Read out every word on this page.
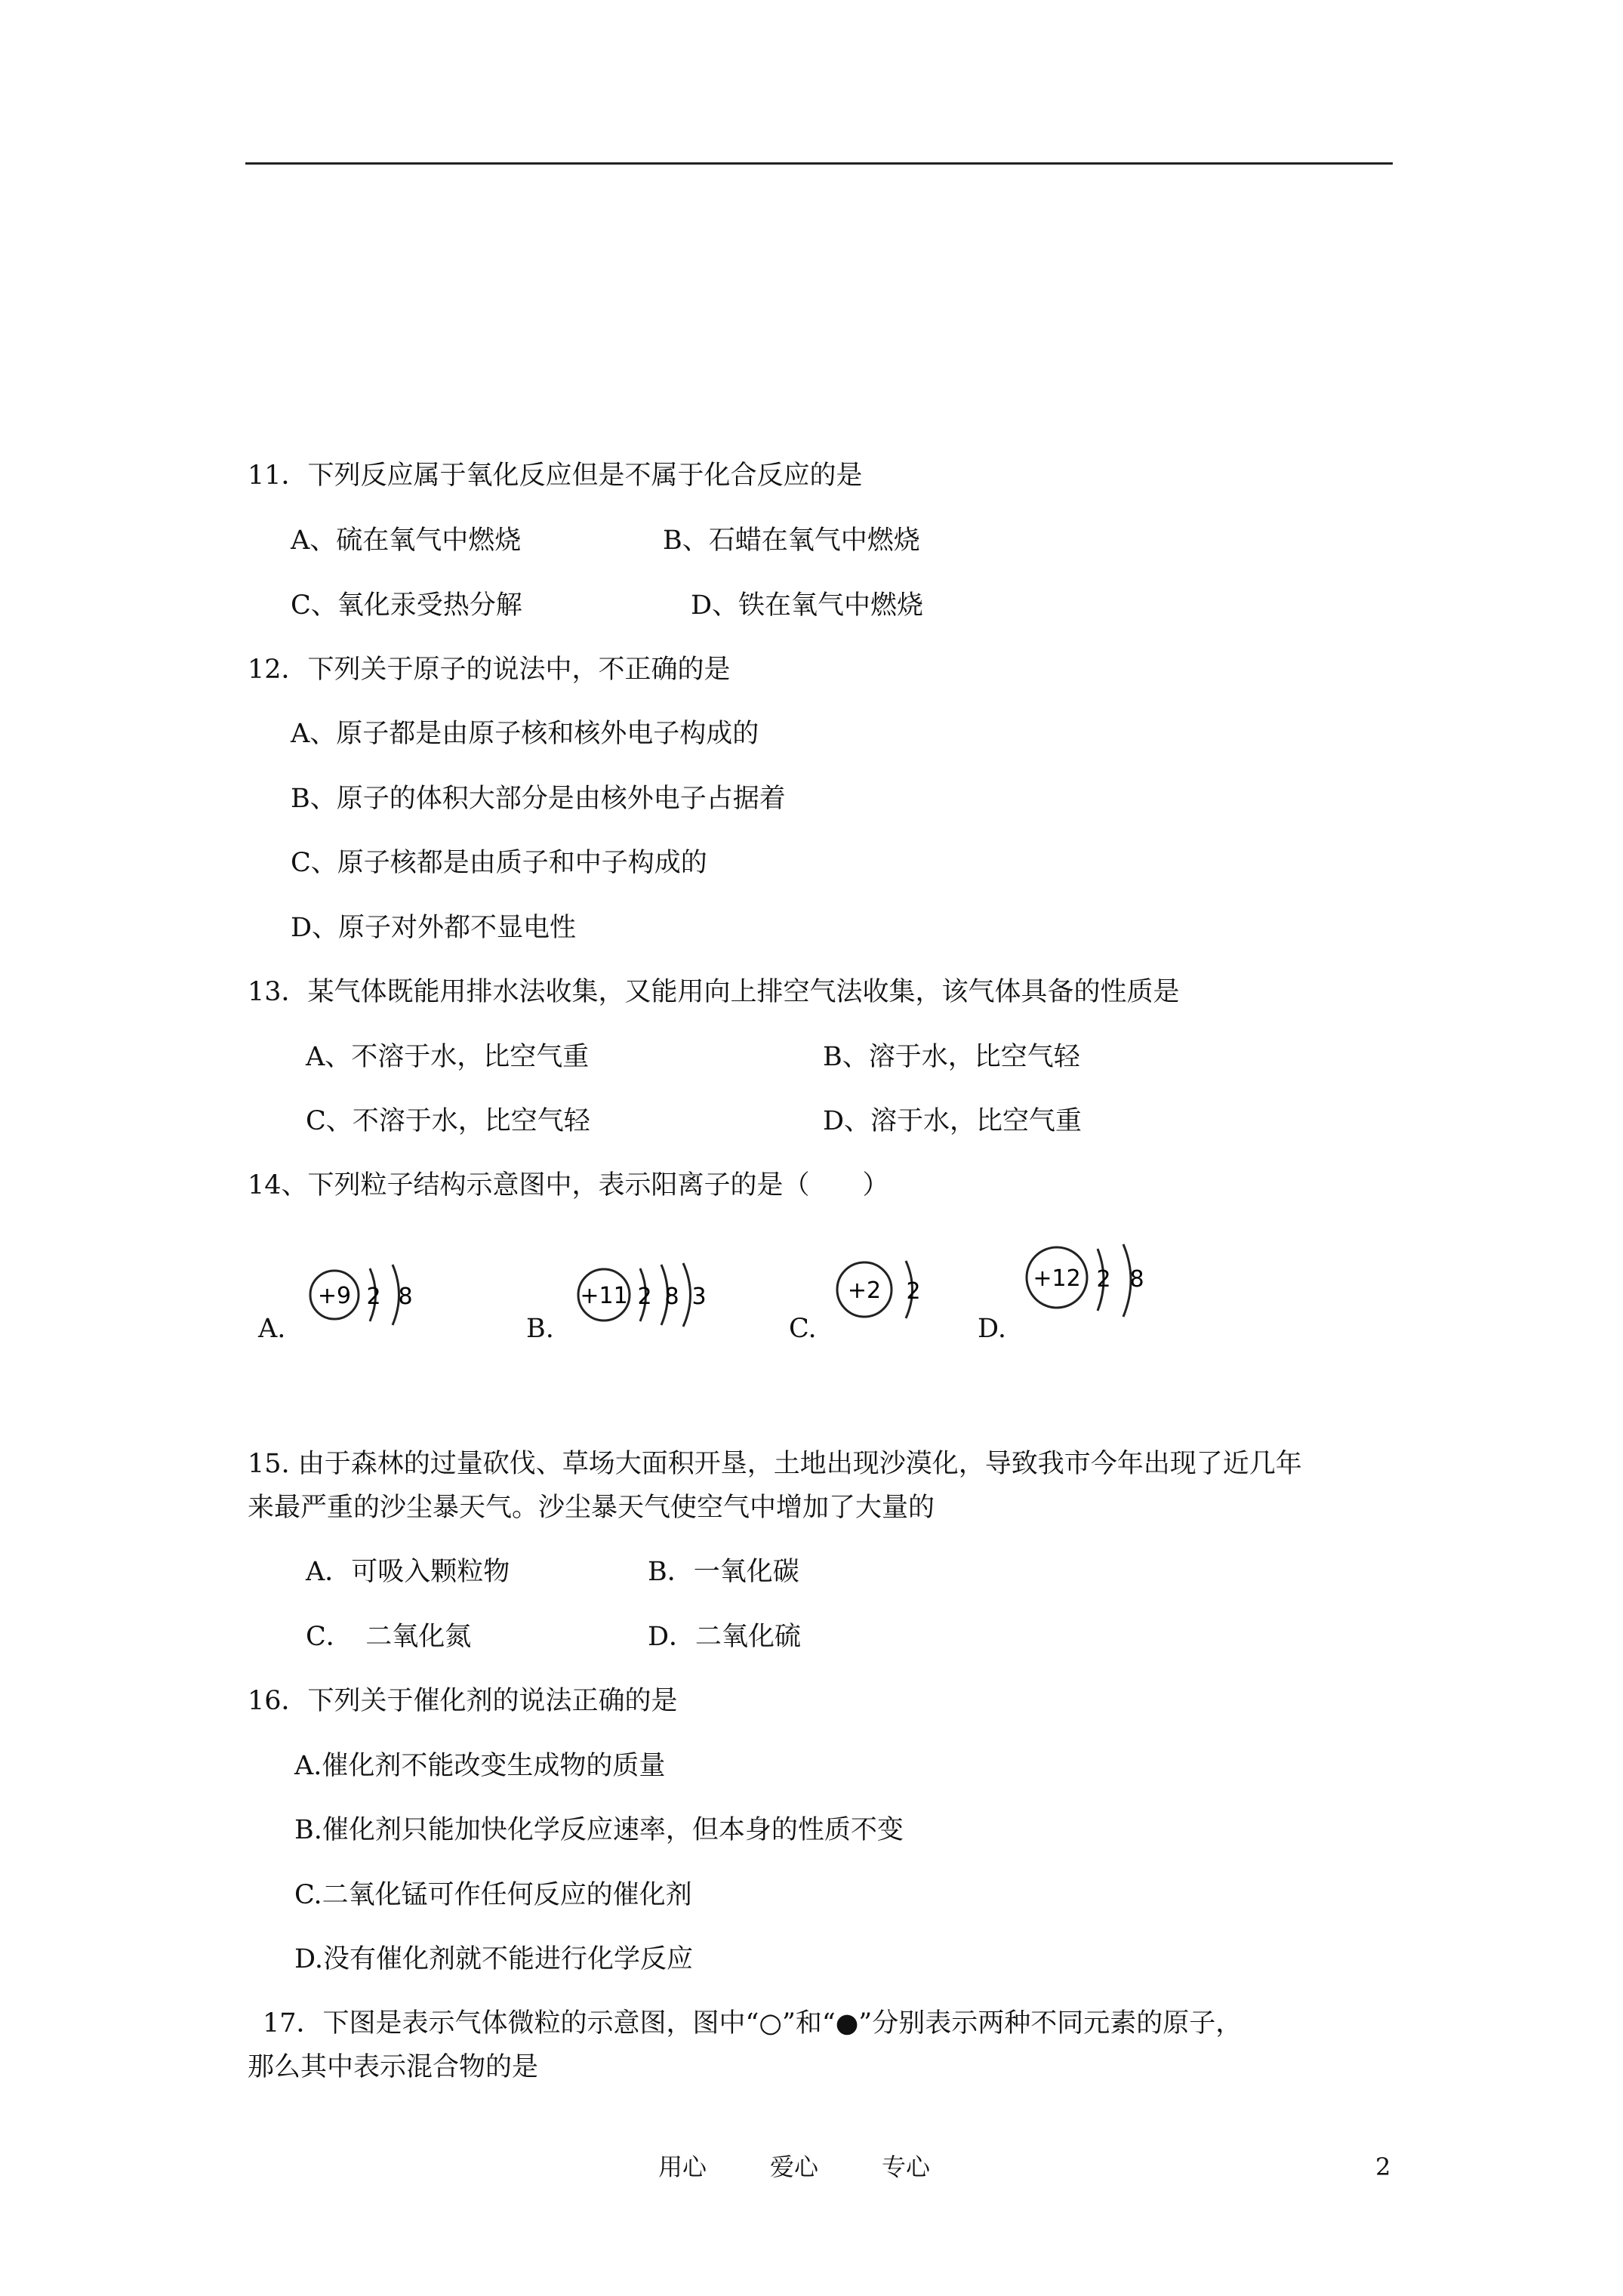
11．下列反应属于氧化反应但是不属于化合反应的是
A、硫在氧气中燃烧	B、石蜡在氧气中燃烧
C、氧化汞受热分解	D、铁在氧气中燃烧
12．下列关于原子的说法中，不正确的是
A、原子都是由原子核和核外电子构成的
B、原子的体积大部分是由核外电子占据着
C、原子核都是由质子和中子构成的
D、原子对外都不显电性
13．某气体既能用排水法收集，又能用向上排空气法收集，该气体具备的性质是
A、不溶于水，比空气重	B、溶于水，比空气轻
C、不溶于水，比空气轻	D、溶于水，比空气重
14、下列粒子结构示意图中，表示阳离子的是（　　）
A.
+9 2 8
B.
+11 2 8 3
C.
+2 2
D.
+12 2 8
15. 由于森林的过量砍伐、草场大面积开垦，土地出现沙漠化，导致我市今年出现了近几年
来最严重的沙尘暴天气。沙尘暴天气使空气中增加了大量的
A．可吸入颗粒物	B．一氧化碳
C．　二氧化氮	D．二氧化硫
16．下列关于催化剂的说法正确的是
A.催化剂不能改变生成物的质量
B.催化剂只能加快化学反应速率，但本身的性质不变
C.二氧化锰可作任何反应的催化剂
D.没有催化剂就不能进行化学反应
17．下图是表示气体微粒的示意图，图中“○”和“●”分别表示两种不同元素的原子，
那么其中表示混合物的是
用心	爱心	专心	2
